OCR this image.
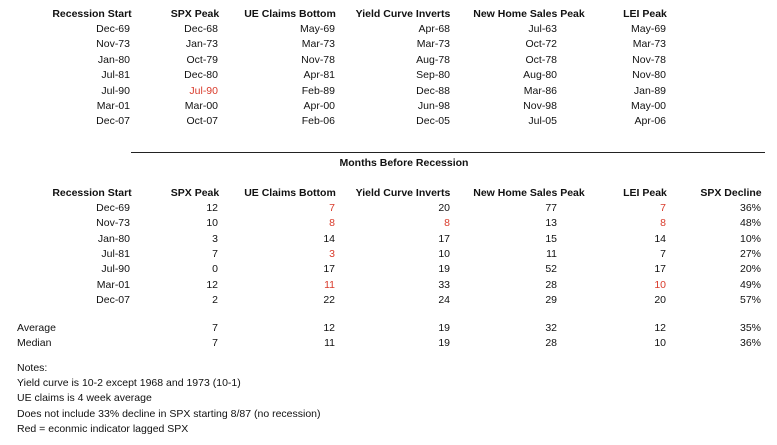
Recession Start	SPX Peak	UE Claims Bottom	Yield Curve Inverts	New Home Sales Peak	LEI Peak
Dec-69	Dec-68	May-69	Apr-68	Jul-63	May-69
Nov-73	Jan-73	Mar-73	Mar-73	Oct-72	Mar-73
Jan-80	Oct-79	Nov-78	Aug-78	Oct-78	Nov-78
Jul-81	Dec-80	Apr-81	Sep-80	Aug-80	Nov-80
Jul-90	Jul-90	Feb-89	Dec-88	Mar-86	Jan-89
Mar-01	Mar-00	Apr-00	Jun-98	Nov-98	May-00
Dec-07	Oct-07	Feb-06	Dec-05	Jul-05	Apr-06
Months Before Recession
Recession Start	SPX Peak	UE Claims Bottom	Yield Curve Inverts	New Home Sales Peak	LEI Peak	SPX Decline
Dec-69	12	7	20	77	7	36%
Nov-73	10	8	8	13	8	48%
Jan-80	3	14	17	15	14	10%
Jul-81	7	3	10	11	7	27%
Jul-90	0	17	19	52	17	20%
Mar-01	12	11	33	28	10	49%
Dec-07	2	22	24	29	20	57%
Average	7	12	19	32	12	35%
Median	7	11	19	28	10	36%
Notes:
Yield curve is 10-2 except 1968 and 1973 (10-1)
UE claims is 4 week average
Does not include 33% decline in SPX starting 8/87 (no recession)
Red = econmic indicator lagged SPX
